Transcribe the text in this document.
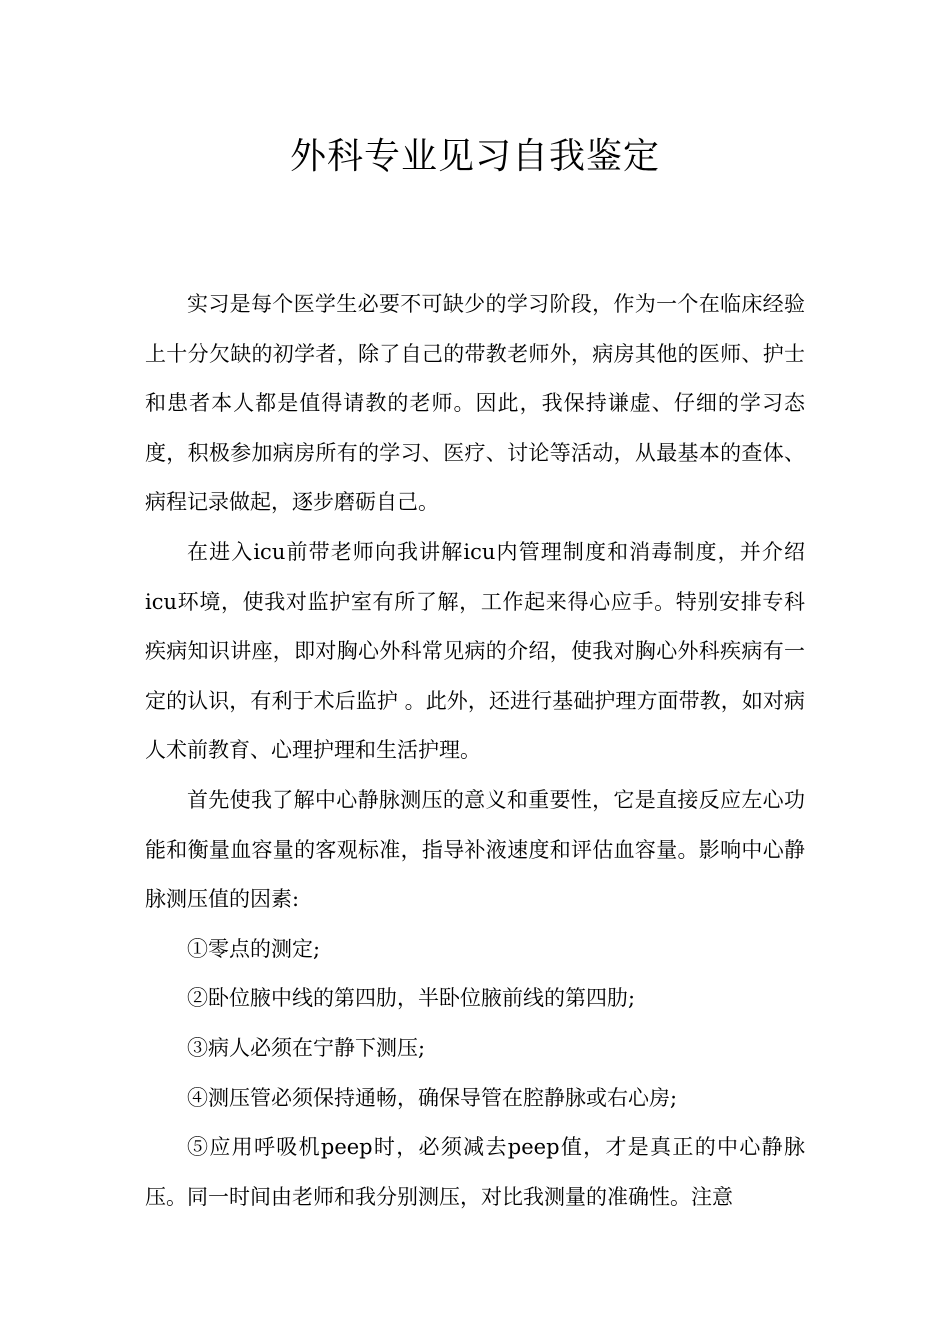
外科专业见习自我鉴定

实习是每个医学生必要不可缺少的学习阶段，作为一个在临床经验上十分欠缺的初学者，除了自己的带教老师外，病房其他的医师、护士和患者本人都是值得请教的老师。因此，我保持谦虚、仔细的学习态度，积极参加病房所有的学习、医疗、讨论等活动，从最基本的查体、病程记录做起，逐步磨砺自己。

在进入icu前带老师向我讲解icu内管理制度和消毒制度，并介绍icu环境，使我对监护室有所了解，工作起来得心应手。特别安排专科疾病知识讲座，即对胸心外科常见病的介绍，使我对胸心外科疾病有一定的认识，有利于术后监护 。此外，还进行基础护理方面带教，如对病人术前教育、心理护理和生活护理。

首先使我了解中心静脉测压的意义和重要性，它是直接反应左心功能和衡量血容量的客观标准，指导补液速度和评估血容量。影响中心静脉测压值的因素:

①零点的测定;

②卧位腋中线的第四肋，半卧位腋前线的第四肋;

③病人必须在宁静下测压;

④测压管必须保持通畅，确保导管在腔静脉或右心房;

⑤应用呼吸机peep时，必须减去peep值，才是真正的中心静脉压。同一时间由老师和我分别测压，对比我测量的准确性。注意
